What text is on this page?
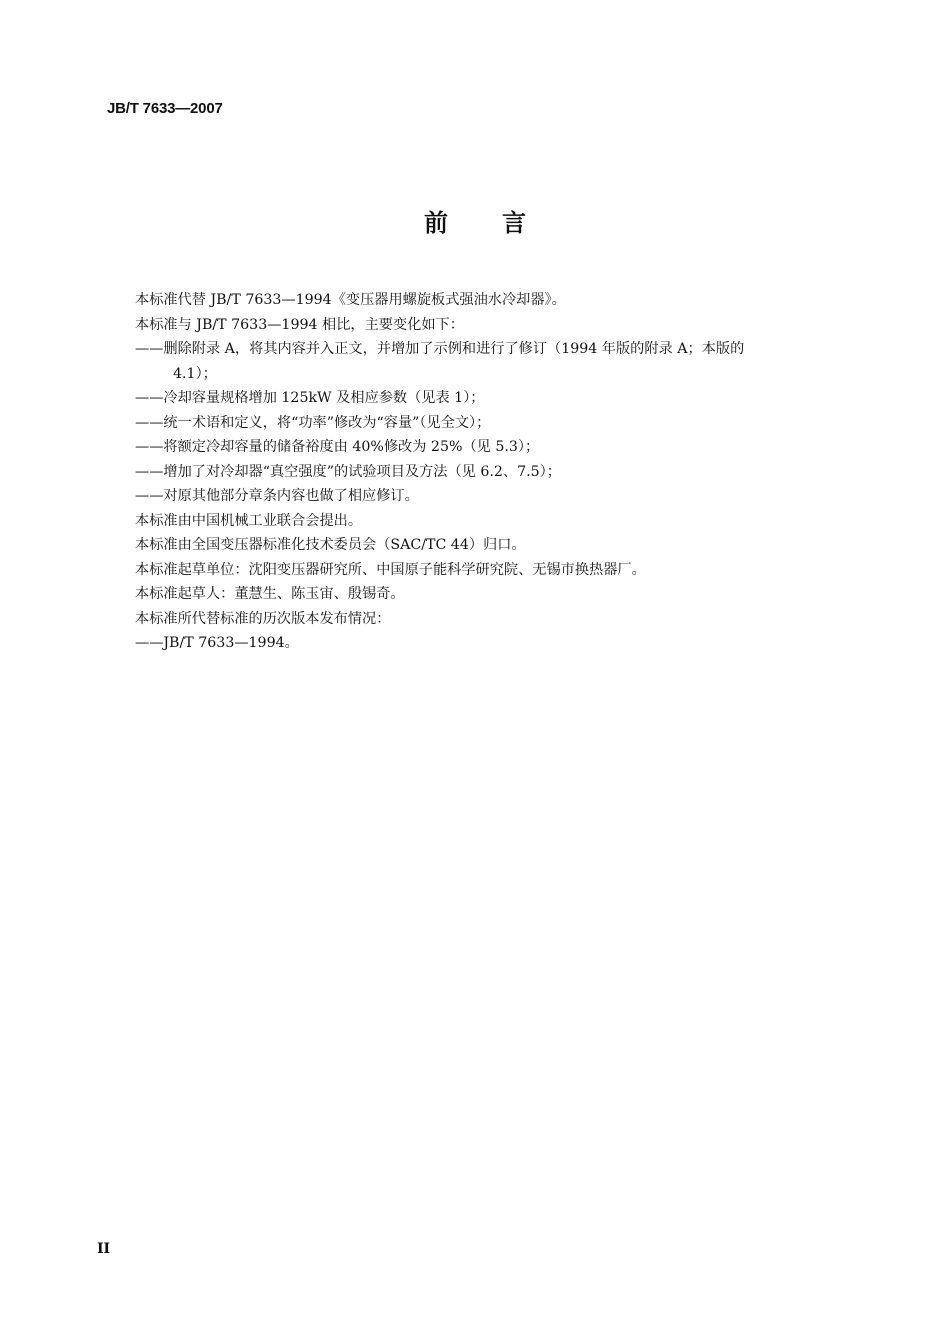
JB/T 7633—2007
前 言

本标准代替 JB/T 7633—1994《变压器用螺旋板式强油水冷却器》。

本标准与 JB/T 7633—1994 相比，主要变化如下：

——删除附录 A，将其内容并入正文，并增加了示例和进行了修订（1994 年版的附录 A；本版的

4.1）；

——冷却容量规格增加 125kW 及相应参数（见表 1）；

——统一术语和定义，将“功率”修改为“容量”（见全文）；

——将额定冷却容量的储备裕度由 40%修改为 25%（见 5.3）；

——增加了对冷却器“真空强度”的试验项目及方法（见 6.2、7.5）；

——对原其他部分章条内容也做了相应修订。

本标准由中国机械工业联合会提出。

本标准由全国变压器标准化技术委员会（SAC/TC 44）归口。

本标准起草单位：沈阳变压器研究所、中国原子能科学研究院、无锡市换热器厂。

本标准起草人：董慧生、陈玉宙、殷锡奇。

本标准所代替标准的历次版本发布情况：

——JB/T 7633—1994。

II
